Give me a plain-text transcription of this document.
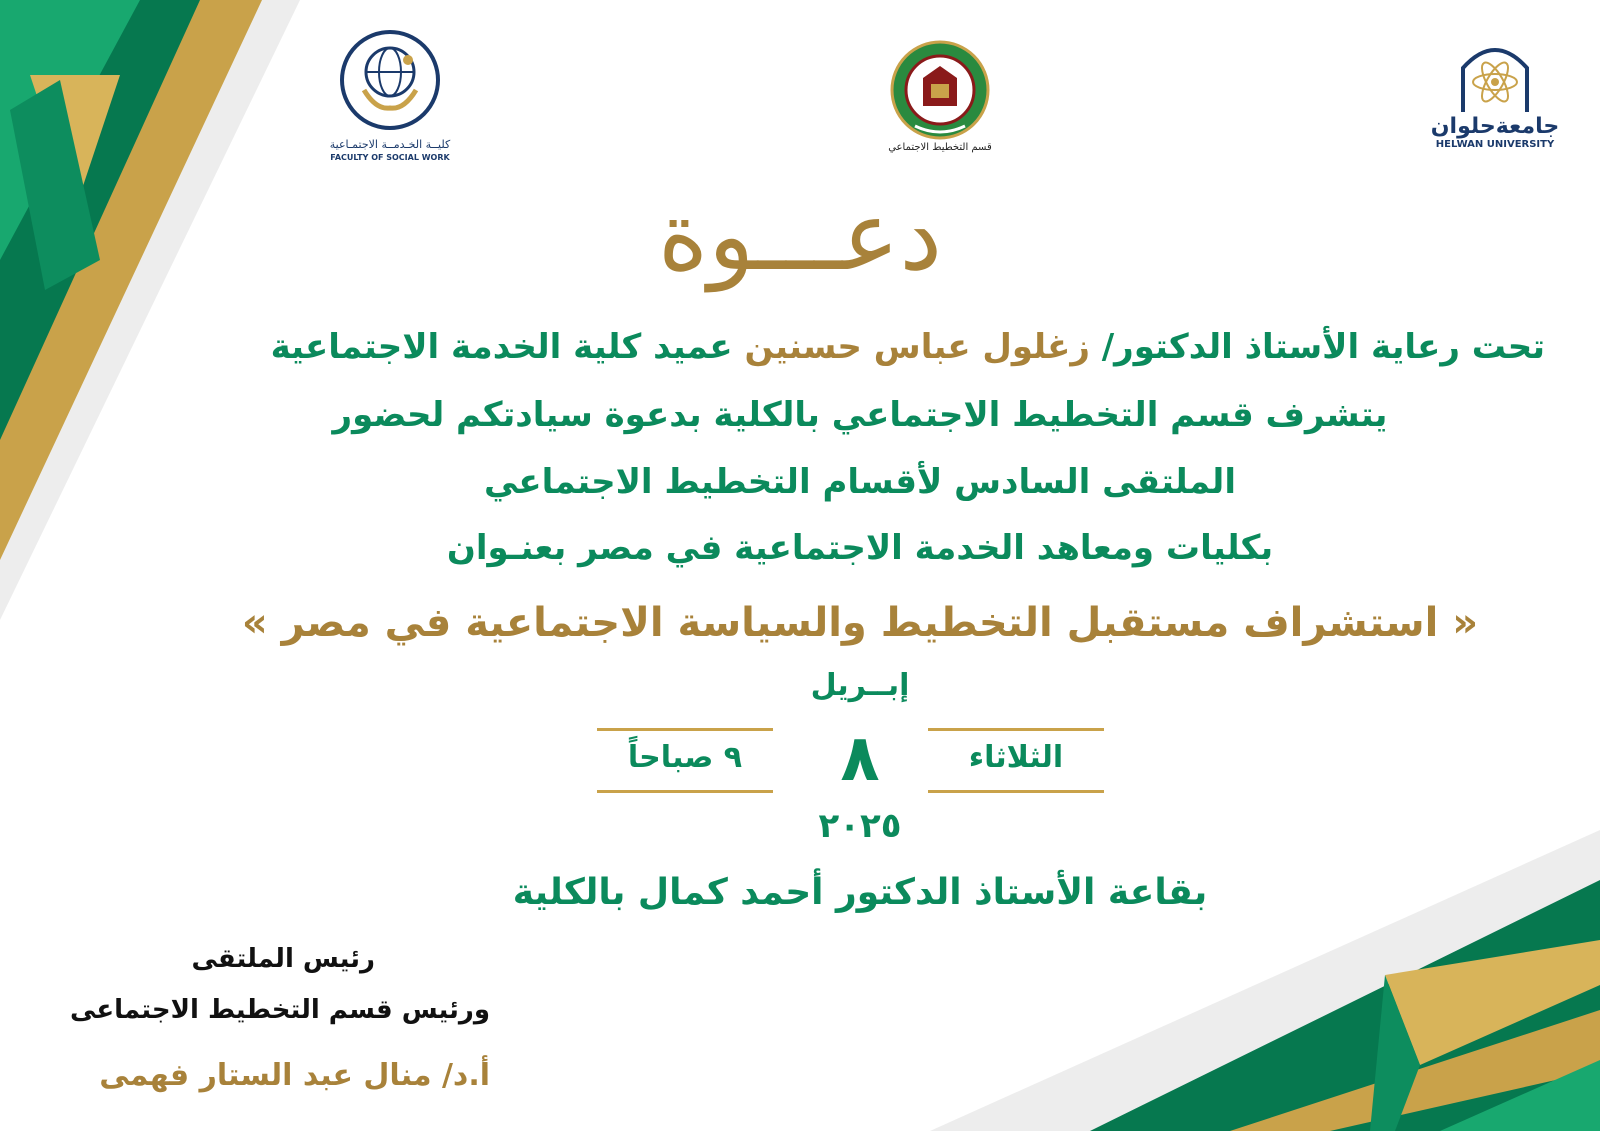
كليــة الخـدمــة الاجتمـاعية
FACULTY OF SOCIAL WORK
قسم التخطيط الاجتماعي
جامعةحلوان
HELWAN UNIVERSITY
دعـــوة
تحت رعاية الأستاذ الدكتور/ زغلول عباس حسنين عميد كلية الخدمة الاجتماعية
يتشرف قسم التخطيط الاجتماعي بالكلية بدعوة سيادتكم لحضور
الملتقى السادس لأقسام التخطيط الاجتماعي
بكليات ومعاهد الخدمة الاجتماعية في مصر بعنـوان
« استشراف مستقبل التخطيط والسياسة الاجتماعية في مصر »
إبــريل
الثلاثاء
٨
٩ صباحاً
٢٠٢٥
بقاعة الأستاذ الدكتور أحمد كمال بالكلية
رئيس الملتقى
ورئيس قسم التخطيط الاجتماعى
أ.د/ منال عبد الستار فهمى
